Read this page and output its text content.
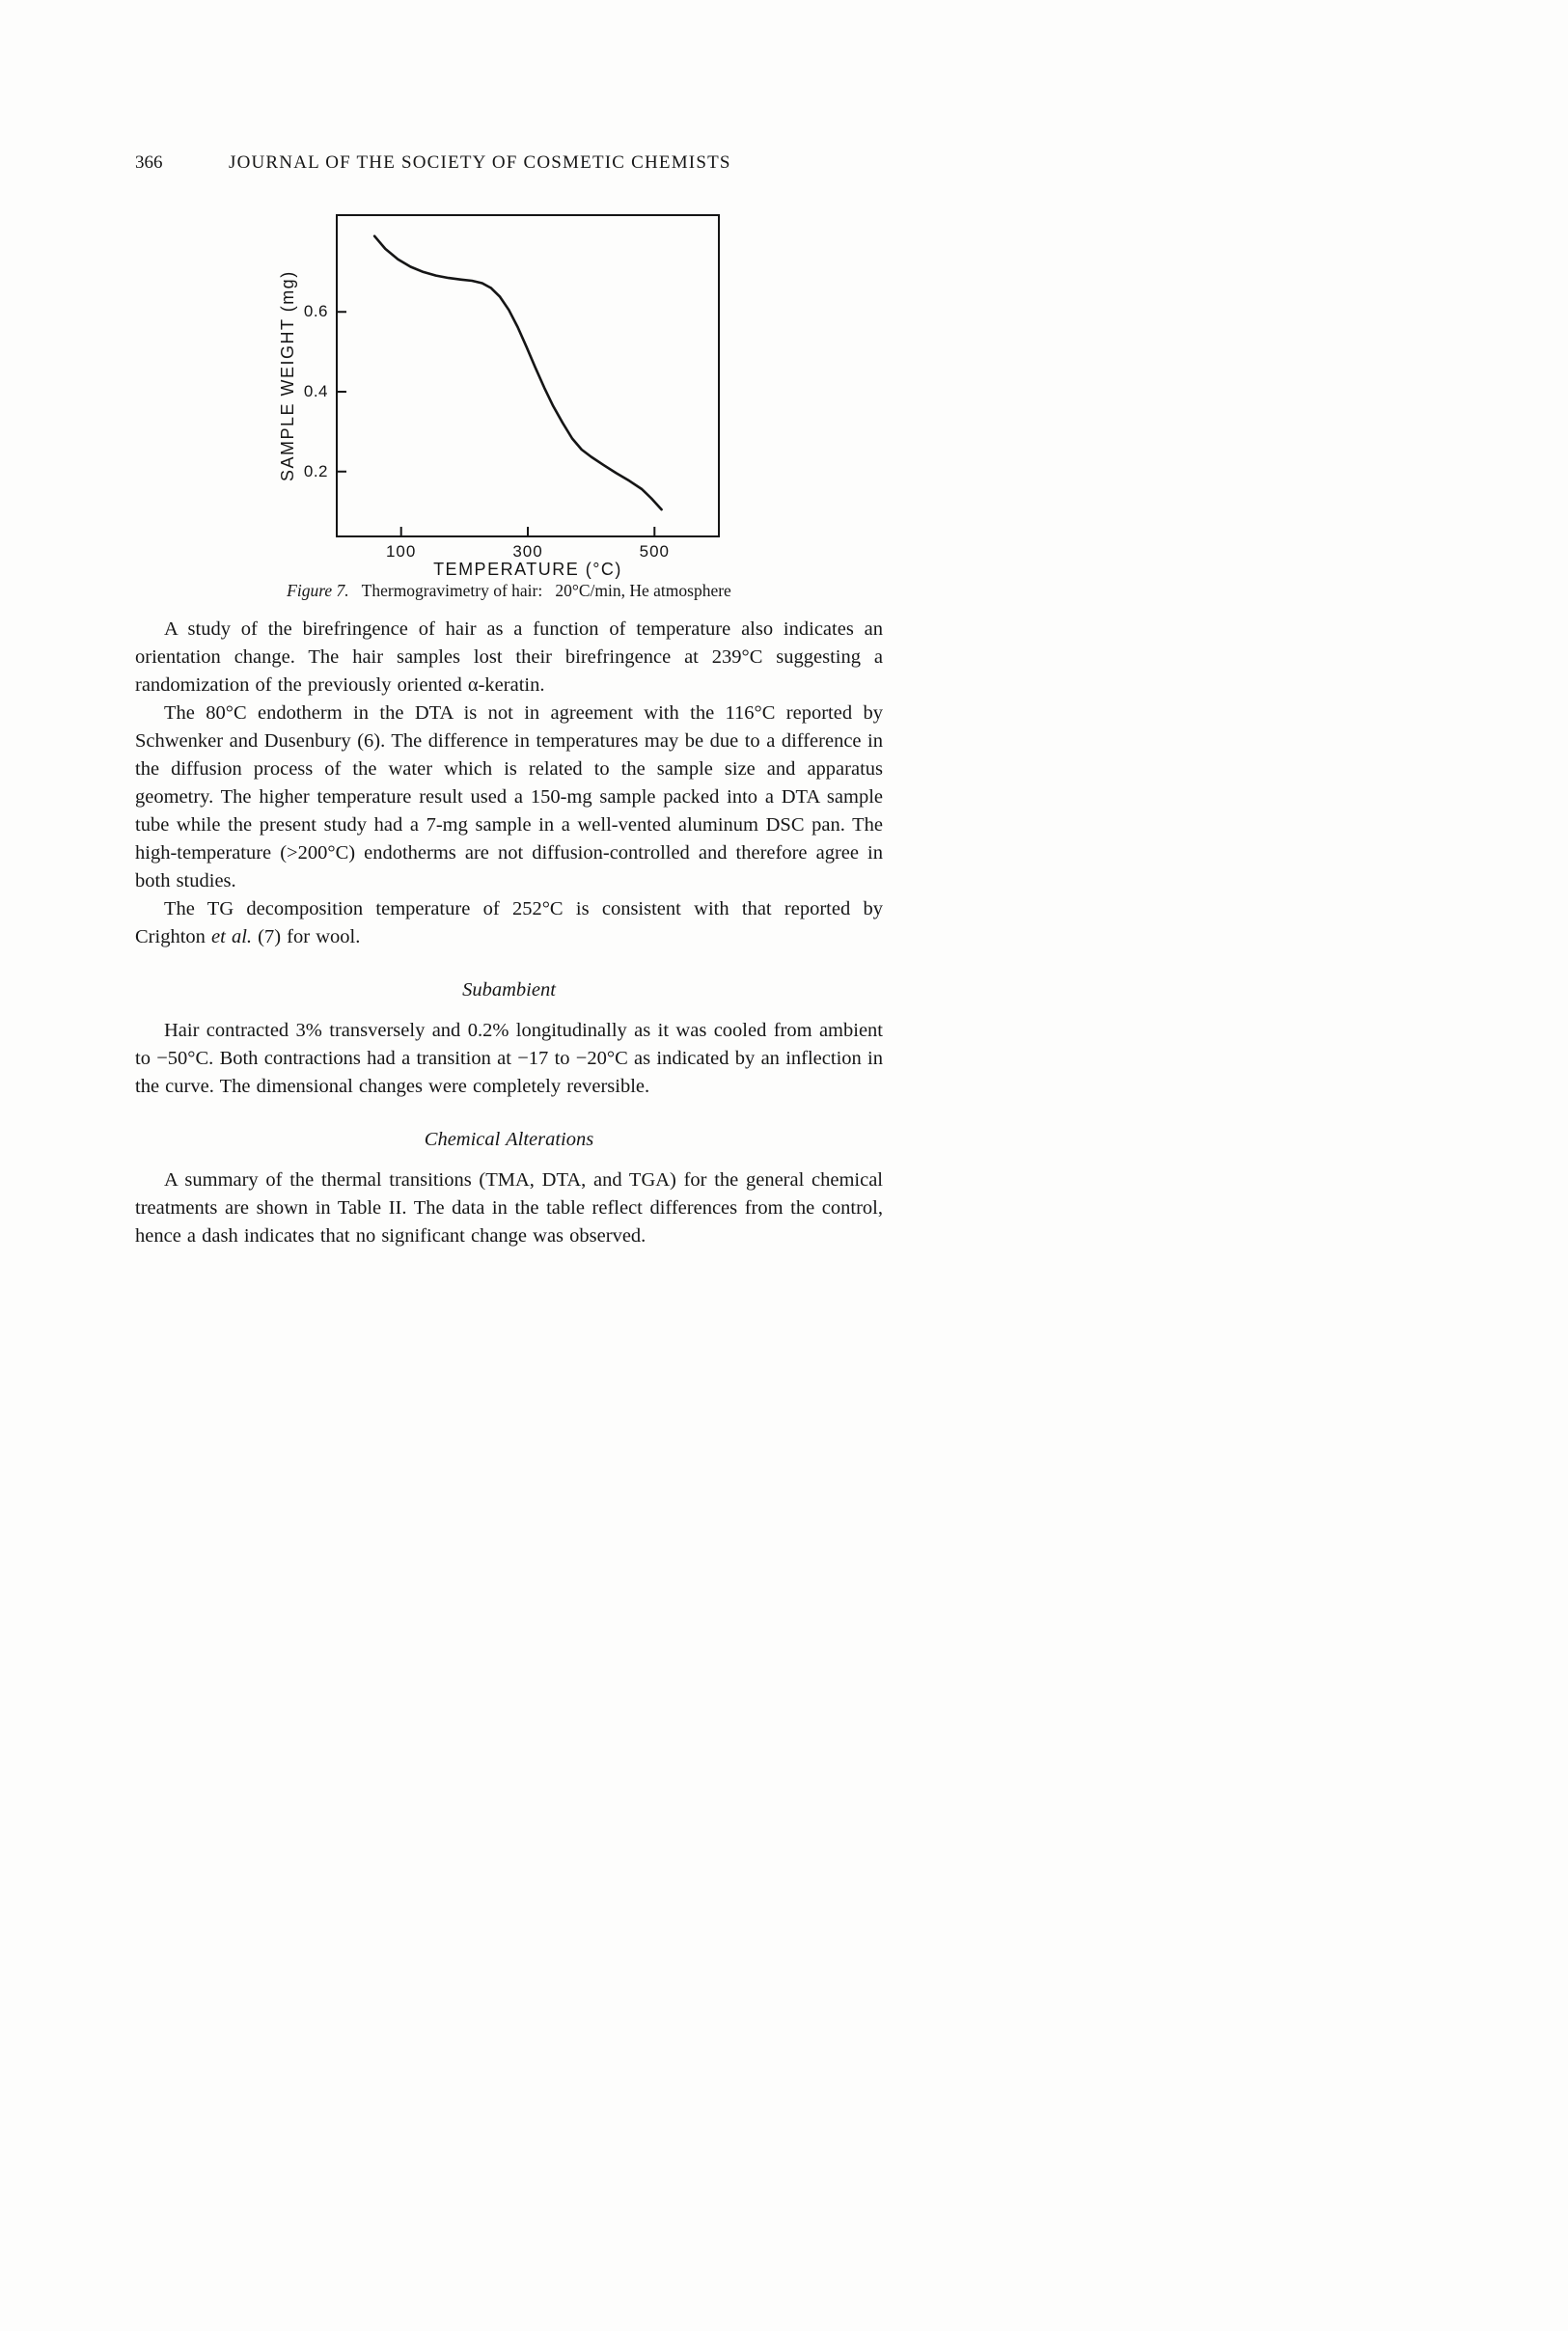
366	JOURNAL OF THE SOCIETY OF COSMETIC CHEMISTS
SAMPLE WEIGHT (mg)
100	300	500
0.2
0.4
0.6
TEMPERATURE (°C)
Figure 7. Thermogravimetry of hair:  20°C/min, He atmosphere

A study of the birefringence of hair as a function of temperature also indicates an orientation change. The hair samples lost their birefringence at 239°C suggesting a randomization of the previously oriented α-keratin.

The 80°C endotherm in the DTA is not in agreement with the 116°C reported by Schwenker and Dusenbury (6). The difference in temperatures may be due to a difference in the diffusion process of the water which is related to the sample size and apparatus geometry. The higher temperature result used a 150-mg sample packed into a DTA sample tube while the present study had a 7-mg sample in a well-vented aluminum DSC pan. The high-temperature (>200°C) endotherms are not diffusion-controlled and therefore agree in both studies.

The TG decomposition temperature of 252°C is consistent with that reported by Crighton et al. (7) for wool.

Subambient

Hair contracted 3% transversely and 0.2% longitudinally as it was cooled from ambient to −50°C. Both contractions had a transition at −17 to −20°C as indicated by an inflection in the curve. The dimensional changes were completely reversible.

Chemical Alterations

A summary of the thermal transitions (TMA, DTA, and TGA) for the general chemical treatments are shown in Table II. The data in the table reflect differences from the control, hence a dash indicates that no significant change was observed.
